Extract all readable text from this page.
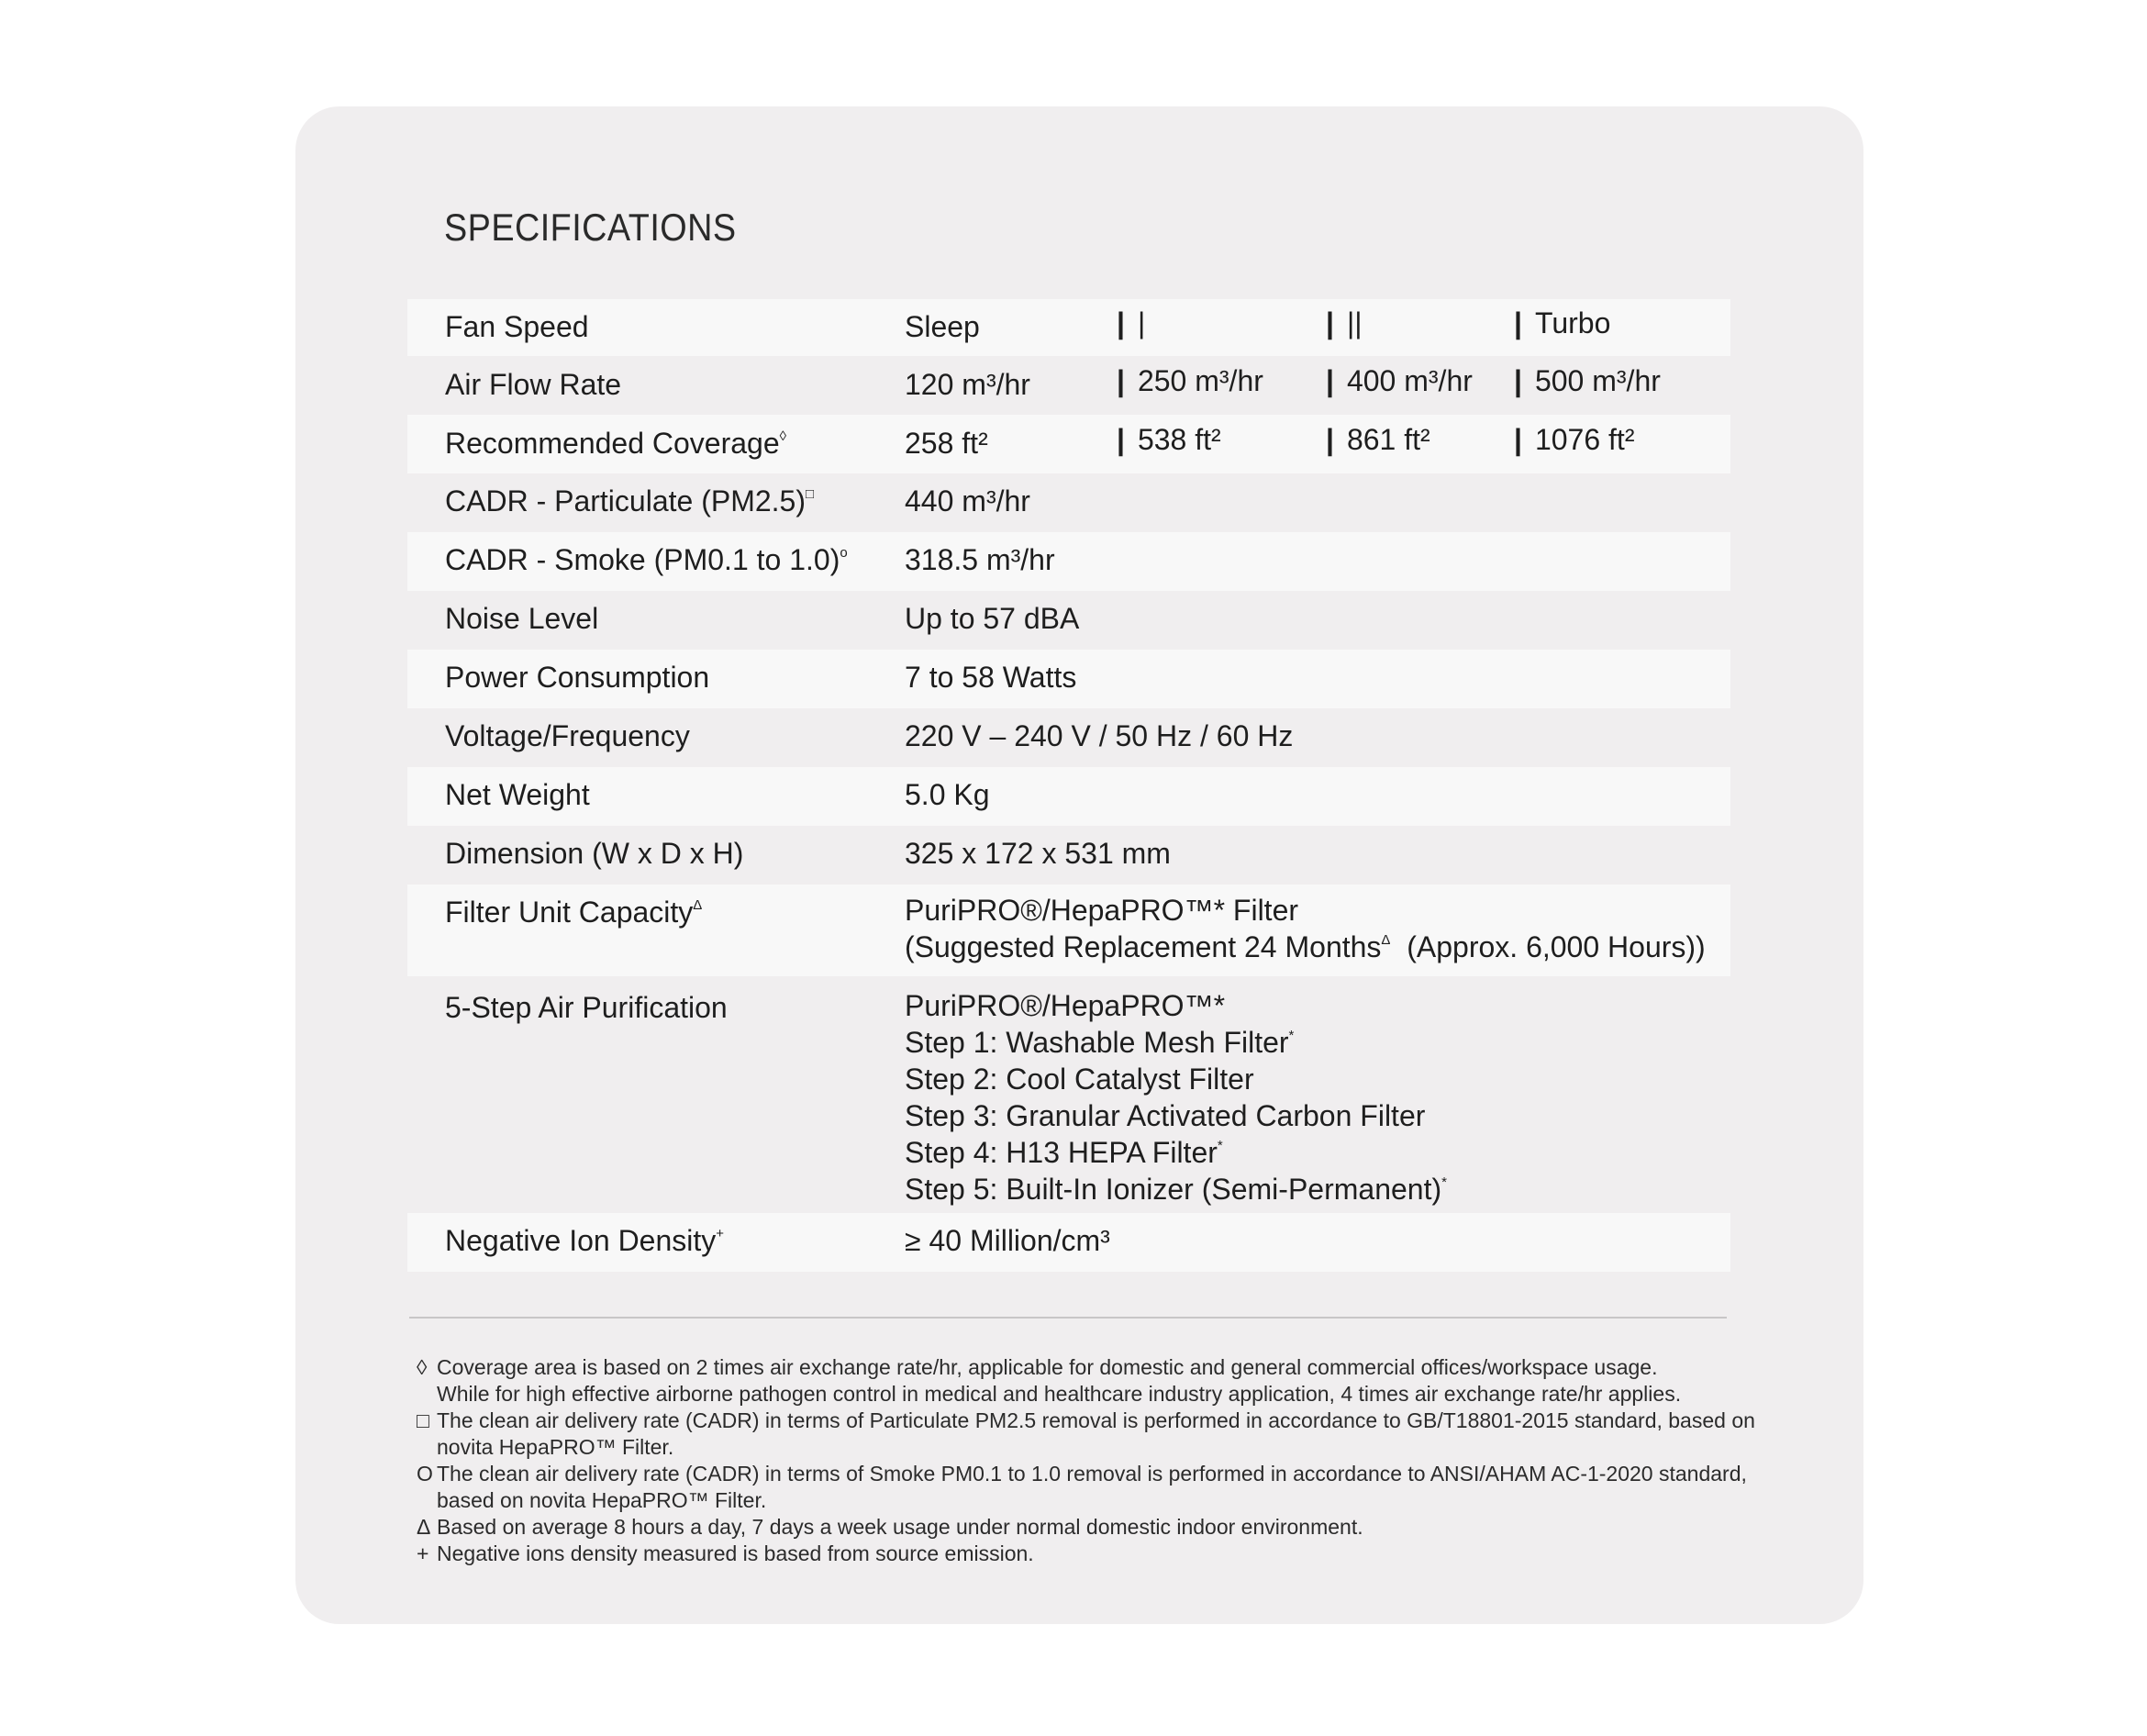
SPECIFICATIONS
Fan Speed	Sleep	| |	| ||	| Turbo
Air Flow Rate	120 m³/hr	| 250 m³/hr | 400 m³/hr | 500 m³/hr
Recommended Coverage◊	258 ft²	| 538 ft²	| 861 ft²	| 1076 ft²
CADR - Particulate (PM2.5)□	440 m³/hr
CADR - Smoke (PM0.1 to 1.0)$^o$ 318.5 m³/hr
Noise Level	Up to 57 dBA
Power Consumption	7 to 58 Watts
Voltage/Frequency	220 V – 240 V / 50 Hz / 60 Hz
Net Weight	5.0 Kg
Dimension (W x D x H)	325 x 172 x 531 mm
Filter Unit Capacity$^\Delta$	PuriPRO®/HepaPRO™* Filter
(Suggested Replacement 24 Months$^\Delta$ (Approx. 6,000 Hours))
5-Step Air Purification	PuriPRO®/HepaPRO™*
Step 1: Washable Mesh Filter*
Step 2: Cool Catalyst Filter
Step 3: Granular Activated Carbon Filter
Step 4: H13 HEPA Filter*
Step 5: Built-In Ionizer (Semi-Permanent)*
Negative Ion Density+	≥ 40 Million/cm³
◊ Coverage area is based on 2 times air exchange rate/hr, applicable for domestic and general commercial offices/workspace usage.
While for high effective airborne pathogen control in medical and healthcare industry application, 4 times air exchange rate/hr applies.
□ The clean air delivery rate (CADR) in terms of Particulate PM2.5 removal is performed in accordance to GB/T18801-2015 standard, based on
novita HepaPRO™ Filter.
O The clean air delivery rate (CADR) in terms of Smoke PM0.1 to 1.0 removal is performed in accordance to ANSI/AHAM AC-1-2020 standard,
based on novita HepaPRO™ Filter.
Δ Based on average 8 hours a day, 7 days a week usage under normal domestic indoor environment.
+ Negative ions density measured is based from source emission.
